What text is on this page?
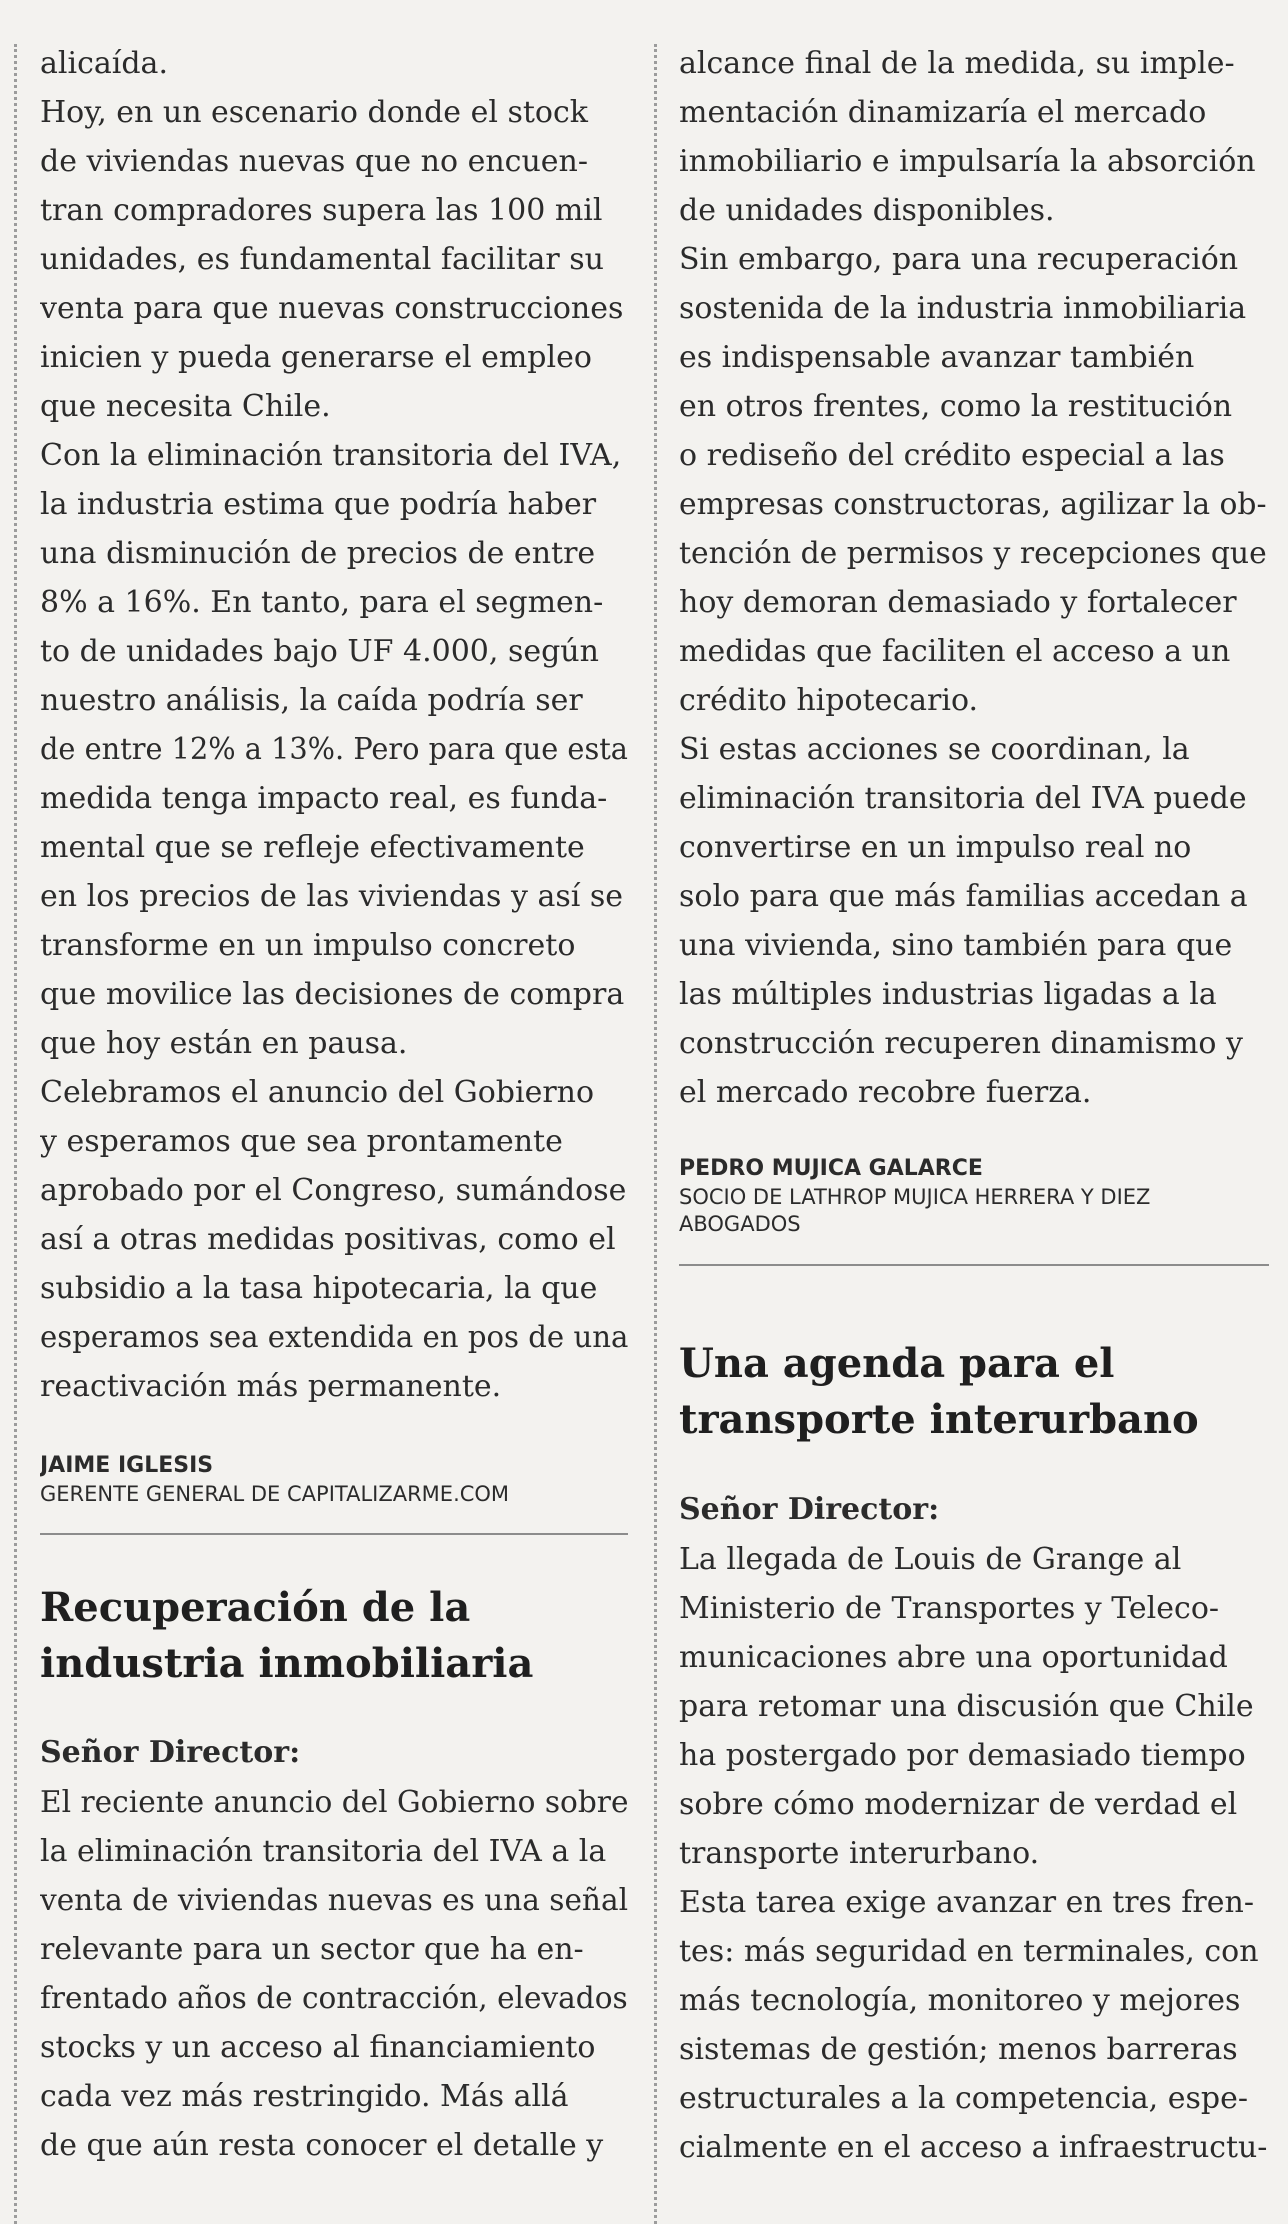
alicaída.
Hoy, en un escenario donde el stock
de viviendas nuevas que no encuen-
tran compradores supera las 100 mil
unidades, es fundamental facilitar su
venta para que nuevas construcciones
inicien y pueda generarse el empleo
que necesita Chile.
Con la eliminación transitoria del IVA,
la industria estima que podría haber
una disminución de precios de entre
8% a 16%. En tanto, para el segmen-
to de unidades bajo UF 4.000, según
nuestro análisis, la caída podría ser
de entre 12% a 13%. Pero para que esta
medida tenga impacto real, es funda-
mental que se refleje efectivamente
en los precios de las viviendas y así se
transforme en un impulso concreto
que movilice las decisiones de compra
que hoy están en pausa.
Celebramos el anuncio del Gobierno
y esperamos que sea prontamente
aprobado por el Congreso, sumándose
así a otras medidas positivas, como el
subsidio a la tasa hipotecaria, la que
esperamos sea extendida en pos de una
reactivación más permanente.
JAIME IGLESIS
GERENTE GENERAL DE CAPITALIZARME.COM
Recuperación de la
industria inmobiliaria
Señor Director:
El reciente anuncio del Gobierno sobre
la eliminación transitoria del IVA a la
venta de viviendas nuevas es una señal
relevante para un sector que ha en-
frentado años de contracción, elevados
stocks y un acceso al financiamiento
cada vez más restringido. Más allá
de que aún resta conocer el detalle y
alcance final de la medida, su imple-
mentación dinamizaría el mercado
inmobiliario e impulsaría la absorción
de unidades disponibles.
Sin embargo, para una recuperación
sostenida de la industria inmobiliaria
es indispensable avanzar también
en otros frentes, como la restitución
o rediseño del crédito especial a las
empresas constructoras, agilizar la ob-
tención de permisos y recepciones que
hoy demoran demasiado y fortalecer
medidas que faciliten el acceso a un
crédito hipotecario.
Si estas acciones se coordinan, la
eliminación transitoria del IVA puede
convertirse en un impulso real no
solo para que más familias accedan a
una vivienda, sino también para que
las múltiples industrias ligadas a la
construcción recuperen dinamismo y
el mercado recobre fuerza.
PEDRO MUJICA GALARCE
SOCIO DE LATHROP MUJICA HERRERA Y DIEZ
ABOGADOS
Una agenda para el
transporte interurbano
Señor Director:
La llegada de Louis de Grange al
Ministerio de Transportes y Teleco-
municaciones abre una oportunidad
para retomar una discusión que Chile
ha postergado por demasiado tiempo
sobre cómo modernizar de verdad el
transporte interurbano.
Esta tarea exige avanzar en tres fren-
tes: más seguridad en terminales, con
más tecnología, monitoreo y mejores
sistemas de gestión; menos barreras
estructurales a la competencia, espe-
cialmente en el acceso a infraestructu-
